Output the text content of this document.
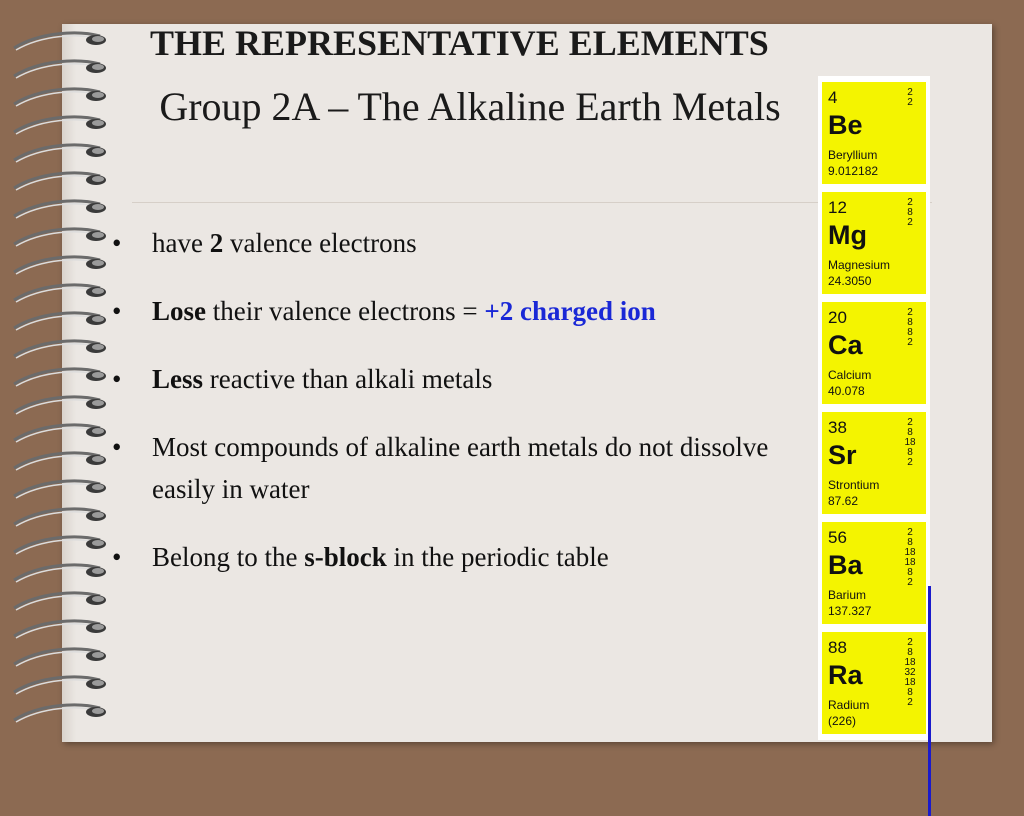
THE REPRESENTATIVE ELEMENTS
Group 2A – The Alkaline Earth Metals
• have 2 valence electrons
• Lose their valence electrons = +2 charged ion
• Less reactive than alkali metals
• Most compounds of alkaline earth metals do not dissolve easily in water
• Belong to the s-block in the periodic table
4
Be
Beryllium
9.012182
2
2
12
Mg
Magnesium
24.3050
2
8
2
20
Ca
Calcium
40.078
2
8
8
2
38
Sr
Strontium
87.62
2
8
18
8
2
56
Ba
Barium
137.327
2
8
18
18
8
2
88
Ra
Radium
(226)
2
8
18
32
18
8
2
